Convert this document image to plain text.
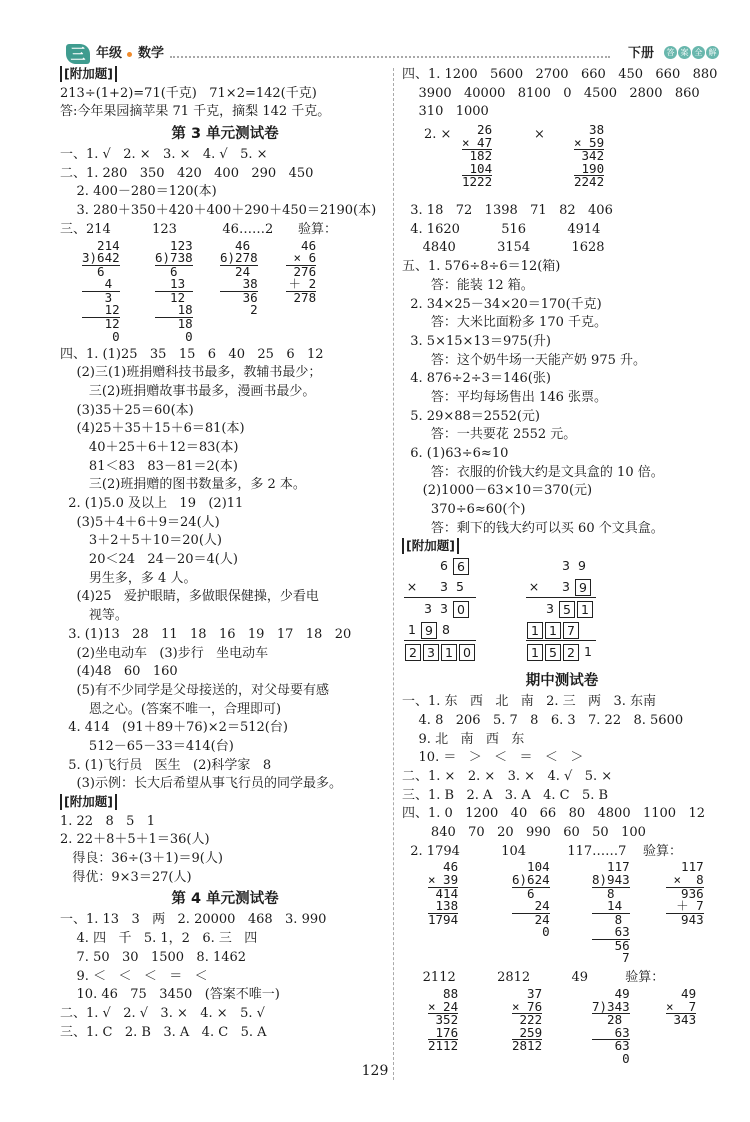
三 年级 数学	下册	答 案 全 解
[附加题]
213÷(1+2)=71(千克)   71×2=142(千克)
答:今年果园摘苹果 71 千克，摘梨 142 千克。
第 3 单元测试卷
一、1. √   2. ×   3. ×   4. √   5. ×
二、1. 280   350   420   400   290   450
2. 400－280＝120(本)
3. 280＋350＋420＋400＋290＋450＝2190(本)
三、214          123           46……2      验算：
214
3)642
6
4
3
12
12
0
123
6)738
6
13
12
18
18
0
46
6)278
24
38
36
2
46
× 6
276
＋ 2
278
四、1. (1)25   35   15   6   40   25   6   12
(2)三(1)班捐赠科技书最多，教辅书最少；
三(2)班捐赠故事书最多，漫画书最少。
(3)35＋25＝60(本)
(4)25＋35＋15＋6＝81(本)
40＋25＋6＋12＝83(本)
81＜83   83－81＝2(本)
三(2)班捐赠的图书数量多，多 2 本。
2. (1)5.0 及以上   19   (2)11
(3)5＋4＋6＋9＝24(人)
3＋2＋5＋10＝20(人)
20＜24   24－20＝4(人)
男生多，多 4 人。
(4)25   爱护眼睛，多做眼保健操，少看电
视等。
3. (1)13   28   11   18   16   19   17   18   20
(2)坐电动车   (3)步行   坐电动车
(4)48   60   160
(5)有不少同学是父母接送的，对父母要有感
恩之心。(答案不唯一，合理即可)
4. 414   (91＋89＋76)×2＝512(台)
512－65－33＝414(台)
5. (1)飞行员   医生   (2)科学家   8
(3)示例：长大后希望从事飞行员的同学最多。
[附加题]
1. 22   8   5   1
2. 22＋8＋5＋1＝36(人)
得良：36÷(3＋1)＝9(人)
得优：9×3＝27(人)
第 4 单元测试卷
一、1. 13   3   两   2. 20000   468   3. 990
4. 四   千   5. 1，2   6. 三   四
7. 50   30   1500   8. 1462
9. ＜   ＜   ＜   ＝   ＜
10. 46   75   3450   (答案不唯一)
二、1. √   2. √   3. ×   4. ×   5. √
三、1. C   2. B   3. A   4. C   5. A
四、1. 1200   5600   2700   660   450   660   880
3900   40000   8100   0   4500   2800   860
310   1000
2. × 26
× 47
182
104
1222
× 38
× 59
342
190
2242
3. 18   72   1398   71   82   406
4. 1620          516          4914
4840          3154          1628
五、1. 576÷8÷6＝12(箱)
答：能装 12 箱。
2. 34×25－34×20＝170(千克)
答：大米比面粉多 170 千克。
3. 5×15×13＝975(升)
答：这个奶牛场一天能产奶 975 升。
4. 876÷2÷3＝146(张)
答：平均每场售出 146 张票。
5. 29×88＝2552(元)
答：一共要花 2552 元。
6. (1)63÷6≈10
答：衣服的价钱大约是文具盒的 10 倍。
(2)1000－63×10＝370(元)
370÷6≈60(个)
答：剩下的钱大约可以买 60 个文具盒。
[附加题]
6 6
×	3 5
3 3 0
1 9 8
2 3 1 0
3 9
×	3 9
3 5 1
1 1 7
1 5 2 1
期中测试卷
一、1. 东   西   北   南   2. 三   两   3. 东南
4. 8   206   5. 7   8   6. 3   7. 22   8. 5600
9. 北   南   西   东
10. ＝   ＞   ＜   ＝   ＜   ＞
二、1. ×   2. ×   3. ×   4. √   5. ×
三、1. B   2. A   3. A   4. C   5. B
四、1. 0   1200   40   66   80   4800   1100   12
840   70   20   990   60   50   100
2. 1794          104          117……7    验算：
46
× 39
414
138
1794
104
6)624
6
24
24
0
117
8)943
8
14
8
63
56
7
117
×  8
936
＋ 7
943
2112          2812          49         验算：
88
× 24
352
176
2112
37
× 76
222
259
2812
49
7)343
28
63
63
0
49
×  7
343
129
